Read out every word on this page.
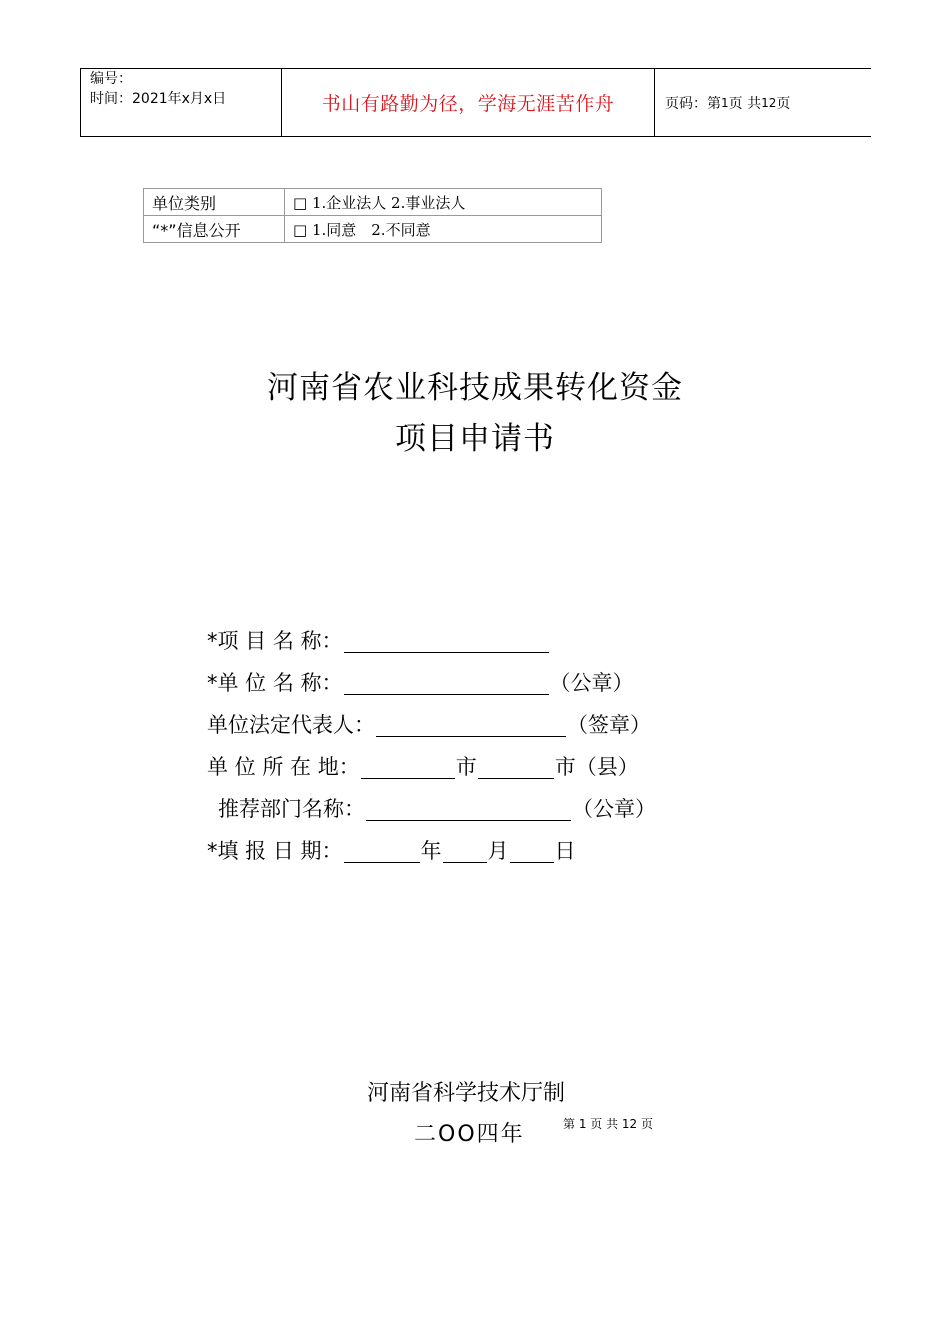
编号：
时间：2021年x月x日	书山有路勤为径，学海无涯苦作舟	页码：第 1 页 共 12 页
单位类别	□ 1.企业法人 2.事业法人
“*”信息公开	□ 1.同意　2.不同意
河南省农业科技成果转化资金
项目申请书
*项 目 名 称：
*单 位 名 称：	（公章）
单位法定代表人：	（签章）
单 位 所 在 地：	市	市（县）
推荐部门名称：	（公章）
*填 报 日 期：	年 月 日
河南省科学技术厅制
二OO四年	第 1 页 共 12 页
